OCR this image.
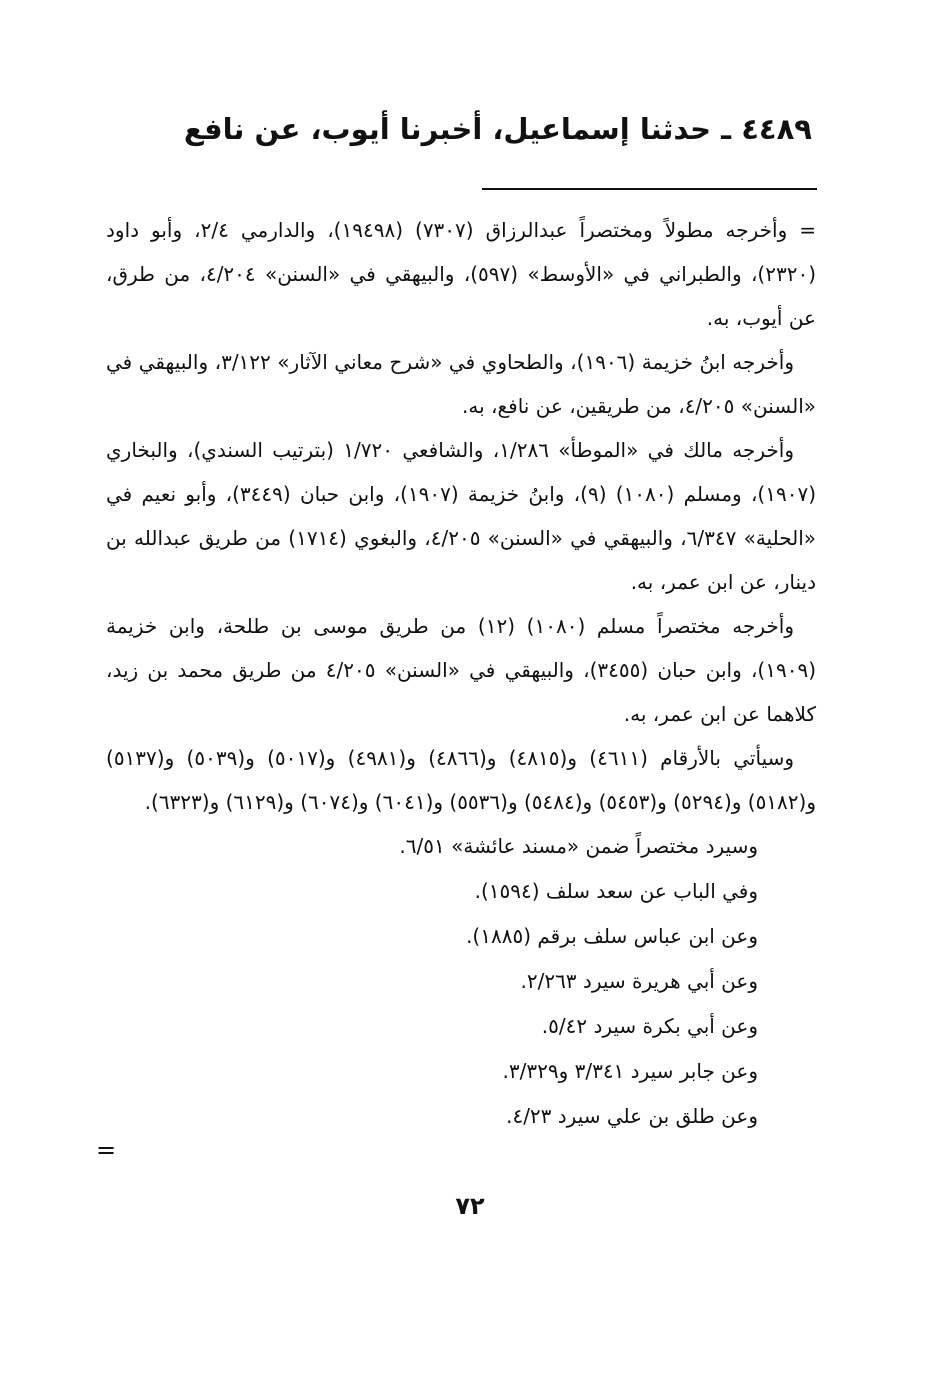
٤٤٨٩ ـ حدثنا إسماعيل، أخبرنا أيوب، عن نافع

= وأخرجه مطولاً ومختصراً عبدالرزاق (٧٣٠٧) (١٩٤٩٨)، والدارمي ٢/٤، وأبو داود (٢٣٢٠)، والطبراني في «الأوسط» (٥٩٧)، والبيهقي في «السنن» ٤/٢٠٤، من طرق، عن أيوب، به.

وأخرجه ابنُ خزيمة (١٩٠٦)، والطحاوي في «شرح معاني الآثار» ٣/١٢٢، والبيهقي في «السنن» ٤/٢٠٥، من طريقين، عن نافع، به.

وأخرجه مالك في «الموطأ» ١/٢٨٦، والشافعي ١/٧٢٠ (بترتيب السندي)، والبخاري (١٩٠٧)، ومسلم (١٠٨٠) (٩)، وابنُ خزيمة (١٩٠٧)، وابن حبان (٣٤٤٩)، وأبو نعيم في «الحلية» ٦/٣٤٧، والبيهقي في «السنن» ٤/٢٠٥، والبغوي (١٧١٤) من طريق عبدالله بن دينار، عن ابن عمر، به.

وأخرجه مختصراً مسلم (١٠٨٠) (١٢) من طريق موسى بن طلحة، وابن خزيمة (١٩٠٩)، وابن حبان (٣٤٥٥)، والبيهقي في «السنن» ٤/٢٠٥ من طريق محمد بن زيد، كلاهما عن ابن عمر، به.

وسيأتي بالأرقام (٤٦١١) و(٤٨١٥) و(٤٨٦٦) و(٤٩٨١) و(٥٠١٧) و(٥٠٣٩) و(٥١٣٧) و(٥١٨٢) و(٥٢٩٤) و(٥٤٥٣) و(٥٤٨٤) و(٥٥٣٦) و(٦٠٤١) و(٦٠٧٤) و(٦١٢٩) و(٦٣٢٣).

وسيرد مختصراً ضمن «مسند عائشة» ٦/٥١.

وفي الباب عن سعد سلف (١٥٩٤).

وعن ابن عباس سلف برقم (١٨٨٥).

وعن أبي هريرة سيرد ٢/٢٦٣.

وعن أبي بكرة سيرد ٥/٤٢.

وعن جابر سيرد ٣/٣٤١ و٣/٣٢٩.

وعن طلق بن علي سيرد ٤/٢٣.

=
٧٢
